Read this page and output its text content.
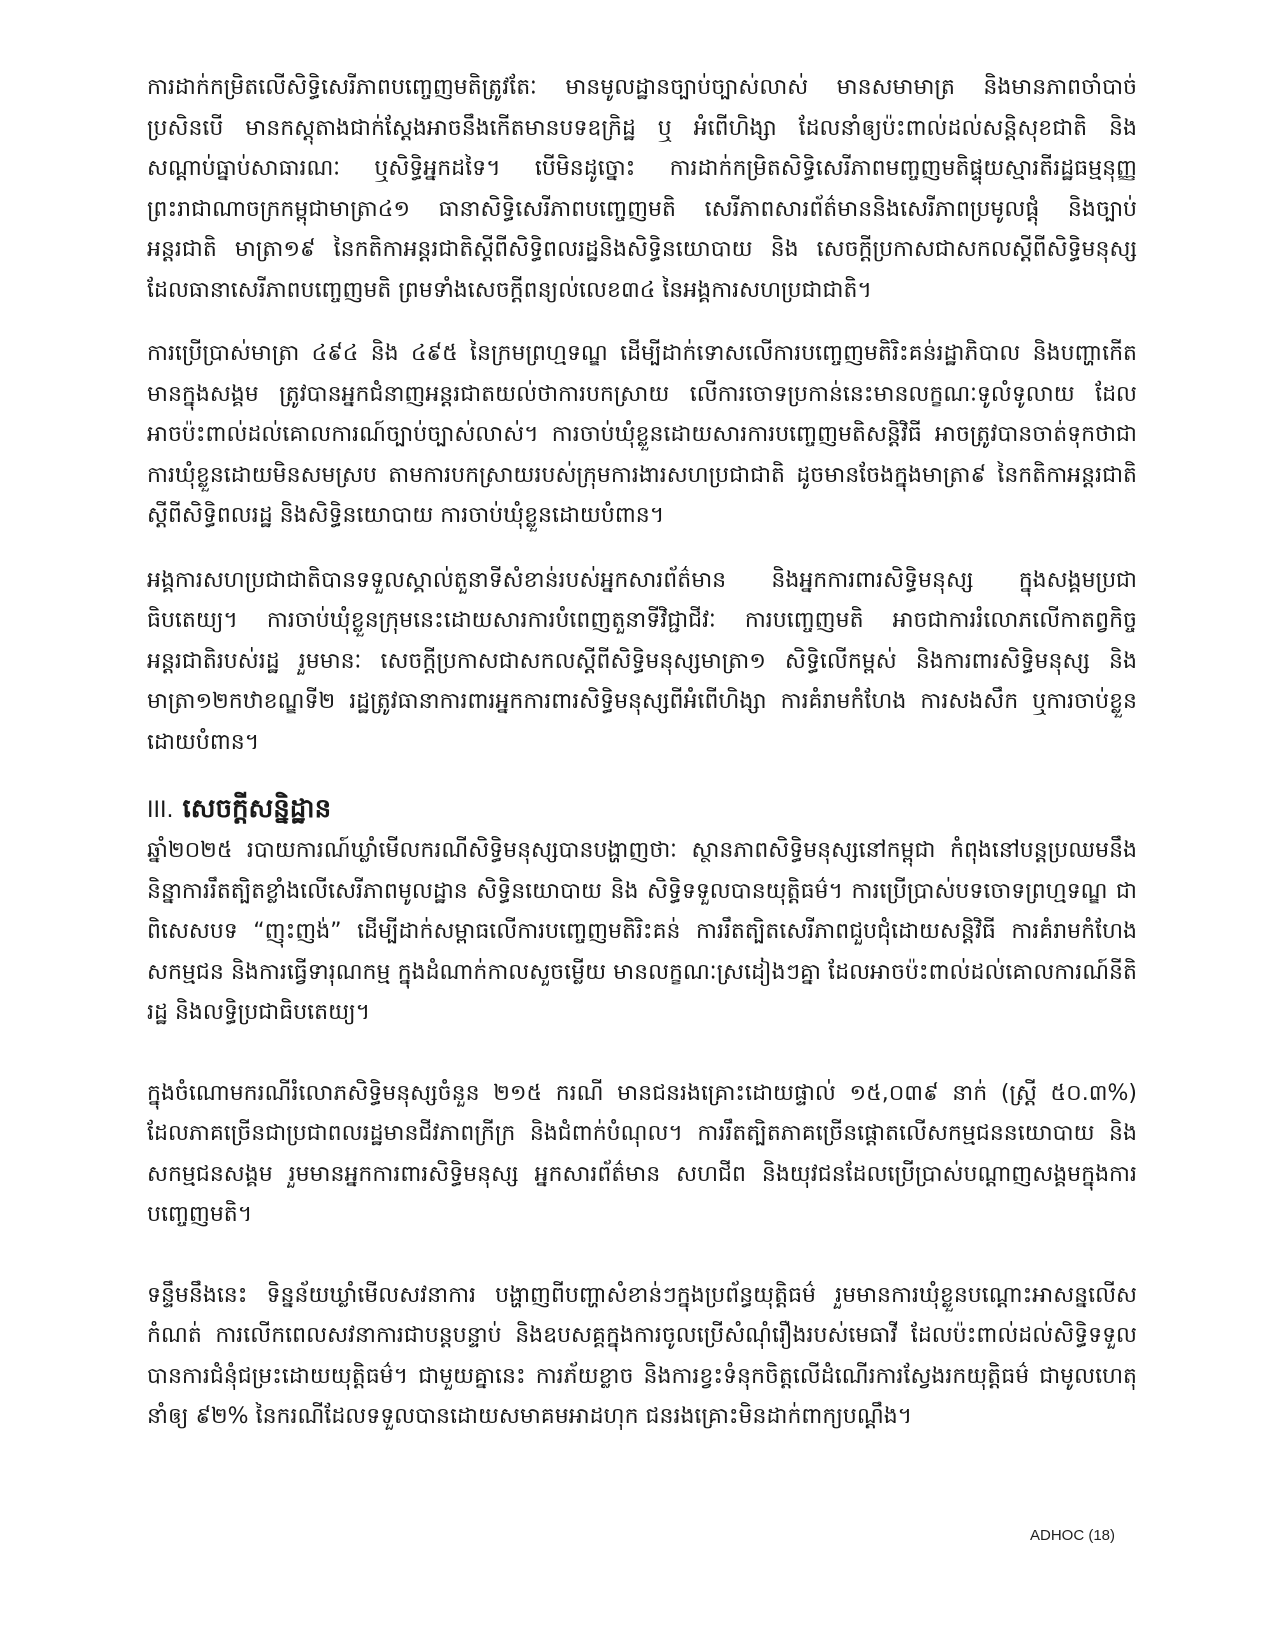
ការដាក់កម្រិតលើសិទ្ធិសេរីភាពបញ្ចេញមតិត្រូវតែៈ មានមូលដ្ឋានច្បាប់ច្បាស់លាស់ មានសមាមាត្រ និងមានភាពចាំបាច់ ប្រសិនបើ មានកស្តុតាងជាក់ស្តែងអាចនឹងកើតមានបទឧក្រិដ្ឋ ឬ អំពើហិង្សា ដែលនាំឲ្យប៉ះពាល់ដល់សន្តិសុខជាតិ និង សណ្តាប់ធ្នាប់សាធារណៈ ឬសិទ្ធិអ្នកដទៃ។ បើមិនដូច្នោះ ការដាក់កម្រិតសិទ្ធិសេរីភាពមញ្ចញមតិផ្ទុយស្មារតីរដ្ឋធម្មនុញ្ញព្រះរាជាណាចក្រកម្ពុជាមាត្រា៤១ ធានាសិទ្ធិសេរីភាពបញ្ចេញមតិ សេរីភាពសារព័ត៌មាននិងសេរីភាពប្រមូលផ្តុំ និងច្បាប់អន្តរជាតិ មាត្រា១៩ នៃកតិកាអន្តរជាតិស្តីពីសិទ្ធិពលរដ្ឋនិងសិទ្ធិនយោបាយ និង សេចក្តីប្រកាសជាសកលស្តីពីសិទ្ធិមនុស្ស ដែលធានាសេរីភាពបញ្ចេញមតិ ព្រមទាំងសេចក្តីពន្យល់លេខ៣៤ នៃអង្គការសហប្រជាជាតិ។

ការប្រើប្រាស់មាត្រា ៤៩៤ និង ៤៩៥ នៃក្រមព្រហ្មទណ្ឌ ដើម្បីដាក់ទោសលើការបញ្ចេញមតិរិះគន់រដ្ឋាភិបាល និងបញ្ហាកើតមានក្នុងសង្គម ត្រូវបានអ្នកជំនាញអន្តរជាតយល់ថាការបកស្រាយ លើការចោទប្រកាន់នេះមានលក្ខណៈទូលំទូលាយ ដែលអាចប៉ះពាល់ដល់គោលការណ៍ច្បាប់ច្បាស់លាស់។ ការចាប់ឃុំខ្លួនដោយសារការបញ្ចេញមតិសន្តិវិធី អាចត្រូវបានចាត់ទុកថាជាការឃុំខ្លួនដោយមិនសមស្រប តាមការបកស្រាយរបស់ក្រុមការងារសហប្រជាជាតិ ដូចមានចែងក្នុងមាត្រា៩ នៃកតិកាអន្តរជាតិស្តីពីសិទ្ធិពលរដ្ឋ និងសិទ្ធិនយោបាយ ការចាប់ឃុំខ្លួនដោយបំពាន។

អង្គការសហប្រជាជាតិបានទទួលស្គាល់តួនាទីសំខាន់របស់អ្នកសារព័ត៌មាន និងអ្នកការពារសិទ្ធិមនុស្ស ក្នុងសង្គមប្រជាធិបតេយ្យ។ ការចាប់ឃុំខ្លួនក្រុមនេះដោយសារការបំពេញតួនាទីវិជ្ជាជីវៈ ការបញ្ចេញមតិ អាចជាការរំលោភលើកាតព្វកិច្ចអន្តរជាតិរបស់រដ្ឋ រួមមានៈ សេចក្តីប្រកាសជាសកលស្តីពីសិទ្ធិមនុស្សមាត្រា១ សិទ្ធិលើកម្ពស់ និងការពារសិទ្ធិមនុស្ស និងមាត្រា១២កឋាខណ្ឌទី២ រដ្ឋត្រូវធានាការពារអ្នកការពារសិទ្ធិមនុស្សពីអំពើហិង្សា ការគំរាមកំហែង ការសងសឹក ឬការចាប់ខ្លួនដោយបំពាន។

III. សេចក្តីសន្និដ្ឋាន

ឆ្នាំ២០២៥ របាយការណ៍ឃ្លាំមើលករណីសិទ្ធិមនុស្សបានបង្ហាញថាៈ ស្ថានភាពសិទ្ធិមនុស្សនៅកម្ពុជា កំពុងនៅបន្តប្រឈមនឹងនិន្នាការរឹតត្បិតខ្លាំងលើសេរីភាពមូលដ្ឋាន សិទ្ធិនយោបាយ និង សិទ្ធិទទួលបានយុត្តិធម៌។ ការប្រើប្រាស់បទចោទព្រហ្មទណ្ឌ ជាពិសេសបទ “ញុះញង់” ដើម្បីដាក់សម្ពាធលើការបញ្ចេញមតិរិះគន់ ការរឹតត្បិតសេរីភាពជួបជុំដោយសន្តិវិធី ការគំរាមកំហែងសកម្មជន និងការធ្វើទារុណកម្ម ក្នុងដំណាក់កាលសួចម្លើយ មានលក្ខណៈស្រដៀងៗគ្នា ដែលអាចប៉ះពាល់ដល់គោលការណ៍នីតិរដ្ឋ និងលទ្ធិប្រជាធិបតេយ្យ។

ក្នុងចំណោមករណីរំលោភសិទ្ធិមនុស្សចំនួន ២១៥ ករណី មានជនរងគ្រោះដោយផ្ទាល់ ១៥,០៣៩ នាក់ (ស្ត្រី ៥០.៣%) ដែលភាគច្រើនជាប្រជាពលរដ្ឋមានជីវភាពក្រីក្រ និងជំពាក់បំណុល។ ការរឹតត្បិតភាគច្រើនផ្តោតលើសកម្មជននយោបាយ និង សកម្មជនសង្គម រួមមានអ្នកការពារសិទ្ធិមនុស្ស អ្នកសារព័ត៌មាន សហជីព និងយុវជនដែលប្រើប្រាស់បណ្តាញសង្គមក្នុងការបញ្ចេញមតិ។

ទន្ទឹមនឹងនេះ ទិន្នន័យឃ្លាំមើលសវនាការ បង្ហាញពីបញ្ហាសំខាន់ៗក្នុងប្រព័ន្ធយុត្តិធម៌ រួមមានការឃុំខ្លួនបណ្តោះអាសន្នលើសកំណត់ ការលើកពេលសវនាការជាបន្តបន្ទាប់ និងឧបសគ្គក្នុងការចូលប្រើសំណុំរឿងរបស់មេធាវី ដែលប៉ះពាល់ដល់សិទ្ធិទទួលបានការជំនុំជម្រះដោយយុត្តិធម៌។ ជាមួយគ្នានេះ ការភ័យខ្លាច និងការខ្វះទំនុកចិត្តលើដំណើរការស្វែងរកយុត្តិធម៌ ជាមូលហេតុនាំឲ្យ ៩២% នៃករណីដែលទទួលបានដោយសមាគមអាដហុក ជនរងគ្រោះមិនដាក់ពាក្យបណ្តឹង។

ADHOC (18)
